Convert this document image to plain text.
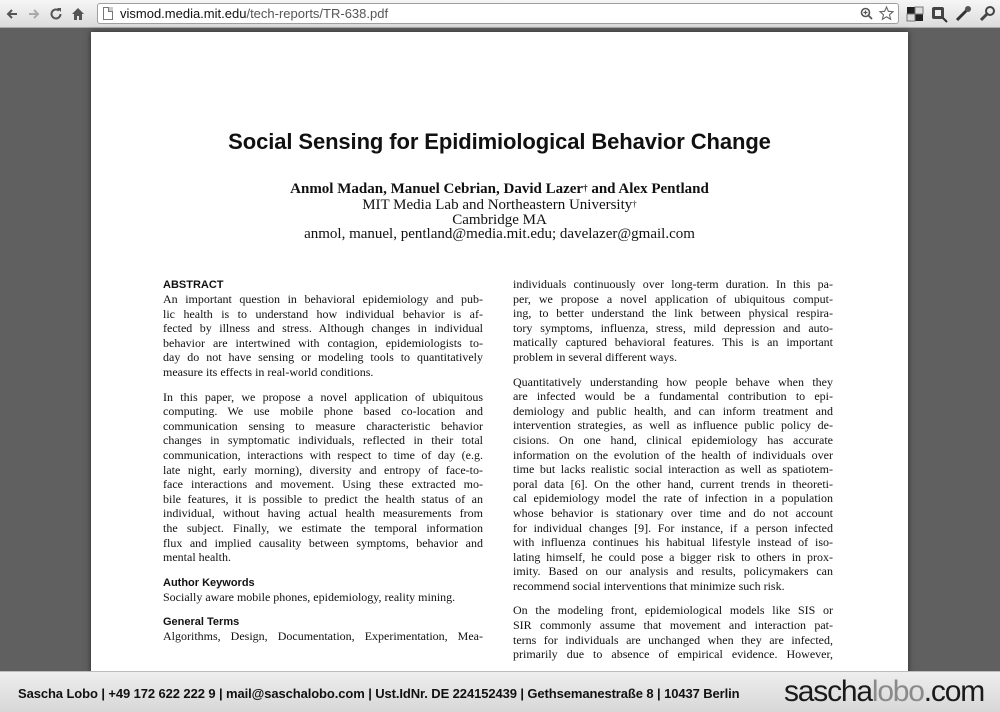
vismod.media.mit.edu/tech-reports/TR-638.pdf
Social Sensing for Epidimiological Behavior Change
Anmol Madan, Manuel Cebrian, David Lazer† and Alex Pentland
MIT Media Lab and Northeastern University†
Cambridge MA
anmol, manuel, pentland@media.mit.edu; davelazer@gmail.com
ABSTRACT
An important question in behavioral epidemiology and pub-
lic health is to understand how individual behavior is af-
fected by illness and stress. Although changes in individual
behavior are intertwined with contagion, epidemiologists to-
day do not have sensing or modeling tools to quantitatively
measure its effects in real-world conditions.
In this paper, we propose a novel application of ubiquitous
computing. We use mobile phone based co-location and
communication sensing to measure characteristic behavior
changes in symptomatic individuals, reflected in their total
communication, interactions with respect to time of day (e.g.
late night, early morning), diversity and entropy of face-to-
face interactions and movement. Using these extracted mo-
bile features, it is possible to predict the health status of an
individual, without having actual health measurements from
the subject. Finally, we estimate the temporal information
flux and implied causality between symptoms, behavior and
mental health.
Author Keywords
Socially aware mobile phones, epidemiology, reality mining.
General Terms
Algorithms, Design, Documentation, Experimentation, Mea-
individuals continuously over long-term duration. In this pa-
per, we propose a novel application of ubiquitous comput-
ing, to better understand the link between physical respira-
tory symptoms, influenza, stress, mild depression and auto-
matically captured behavioral features. This is an important
problem in several different ways.
Quantitatively understanding how people behave when they
are infected would be a fundamental contribution to epi-
demiology and public health, and can inform treatment and
intervention strategies, as well as influence public policy de-
cisions. On one hand, clinical epidemiology has accurate
information on the evolution of the health of individuals over
time but lacks realistic social interaction as well as spatiotem-
poral data [6]. On the other hand, current trends in theoreti-
cal epidemiology model the rate of infection in a population
whose behavior is stationary over time and do not account
for individual changes [9]. For instance, if a person infected
with influenza continues his habitual lifestyle instead of iso-
lating himself, he could pose a bigger risk to others in prox-
imity. Based on our analysis and results, policymakers can
recommend social interventions that minimize such risk.
On the modeling front, epidemiological models like SIS or
SIR commonly assume that movement and interaction pat-
terns for individuals are unchanged when they are infected,
primarily due to absence of empirical evidence. However,
Sascha Lobo | +49 172 622 222 9 | mail@saschalobo.com | Ust.IdNr. DE 224152439 | Gethsemanestraße 8 | 10437 Berlin saschalobo.com
